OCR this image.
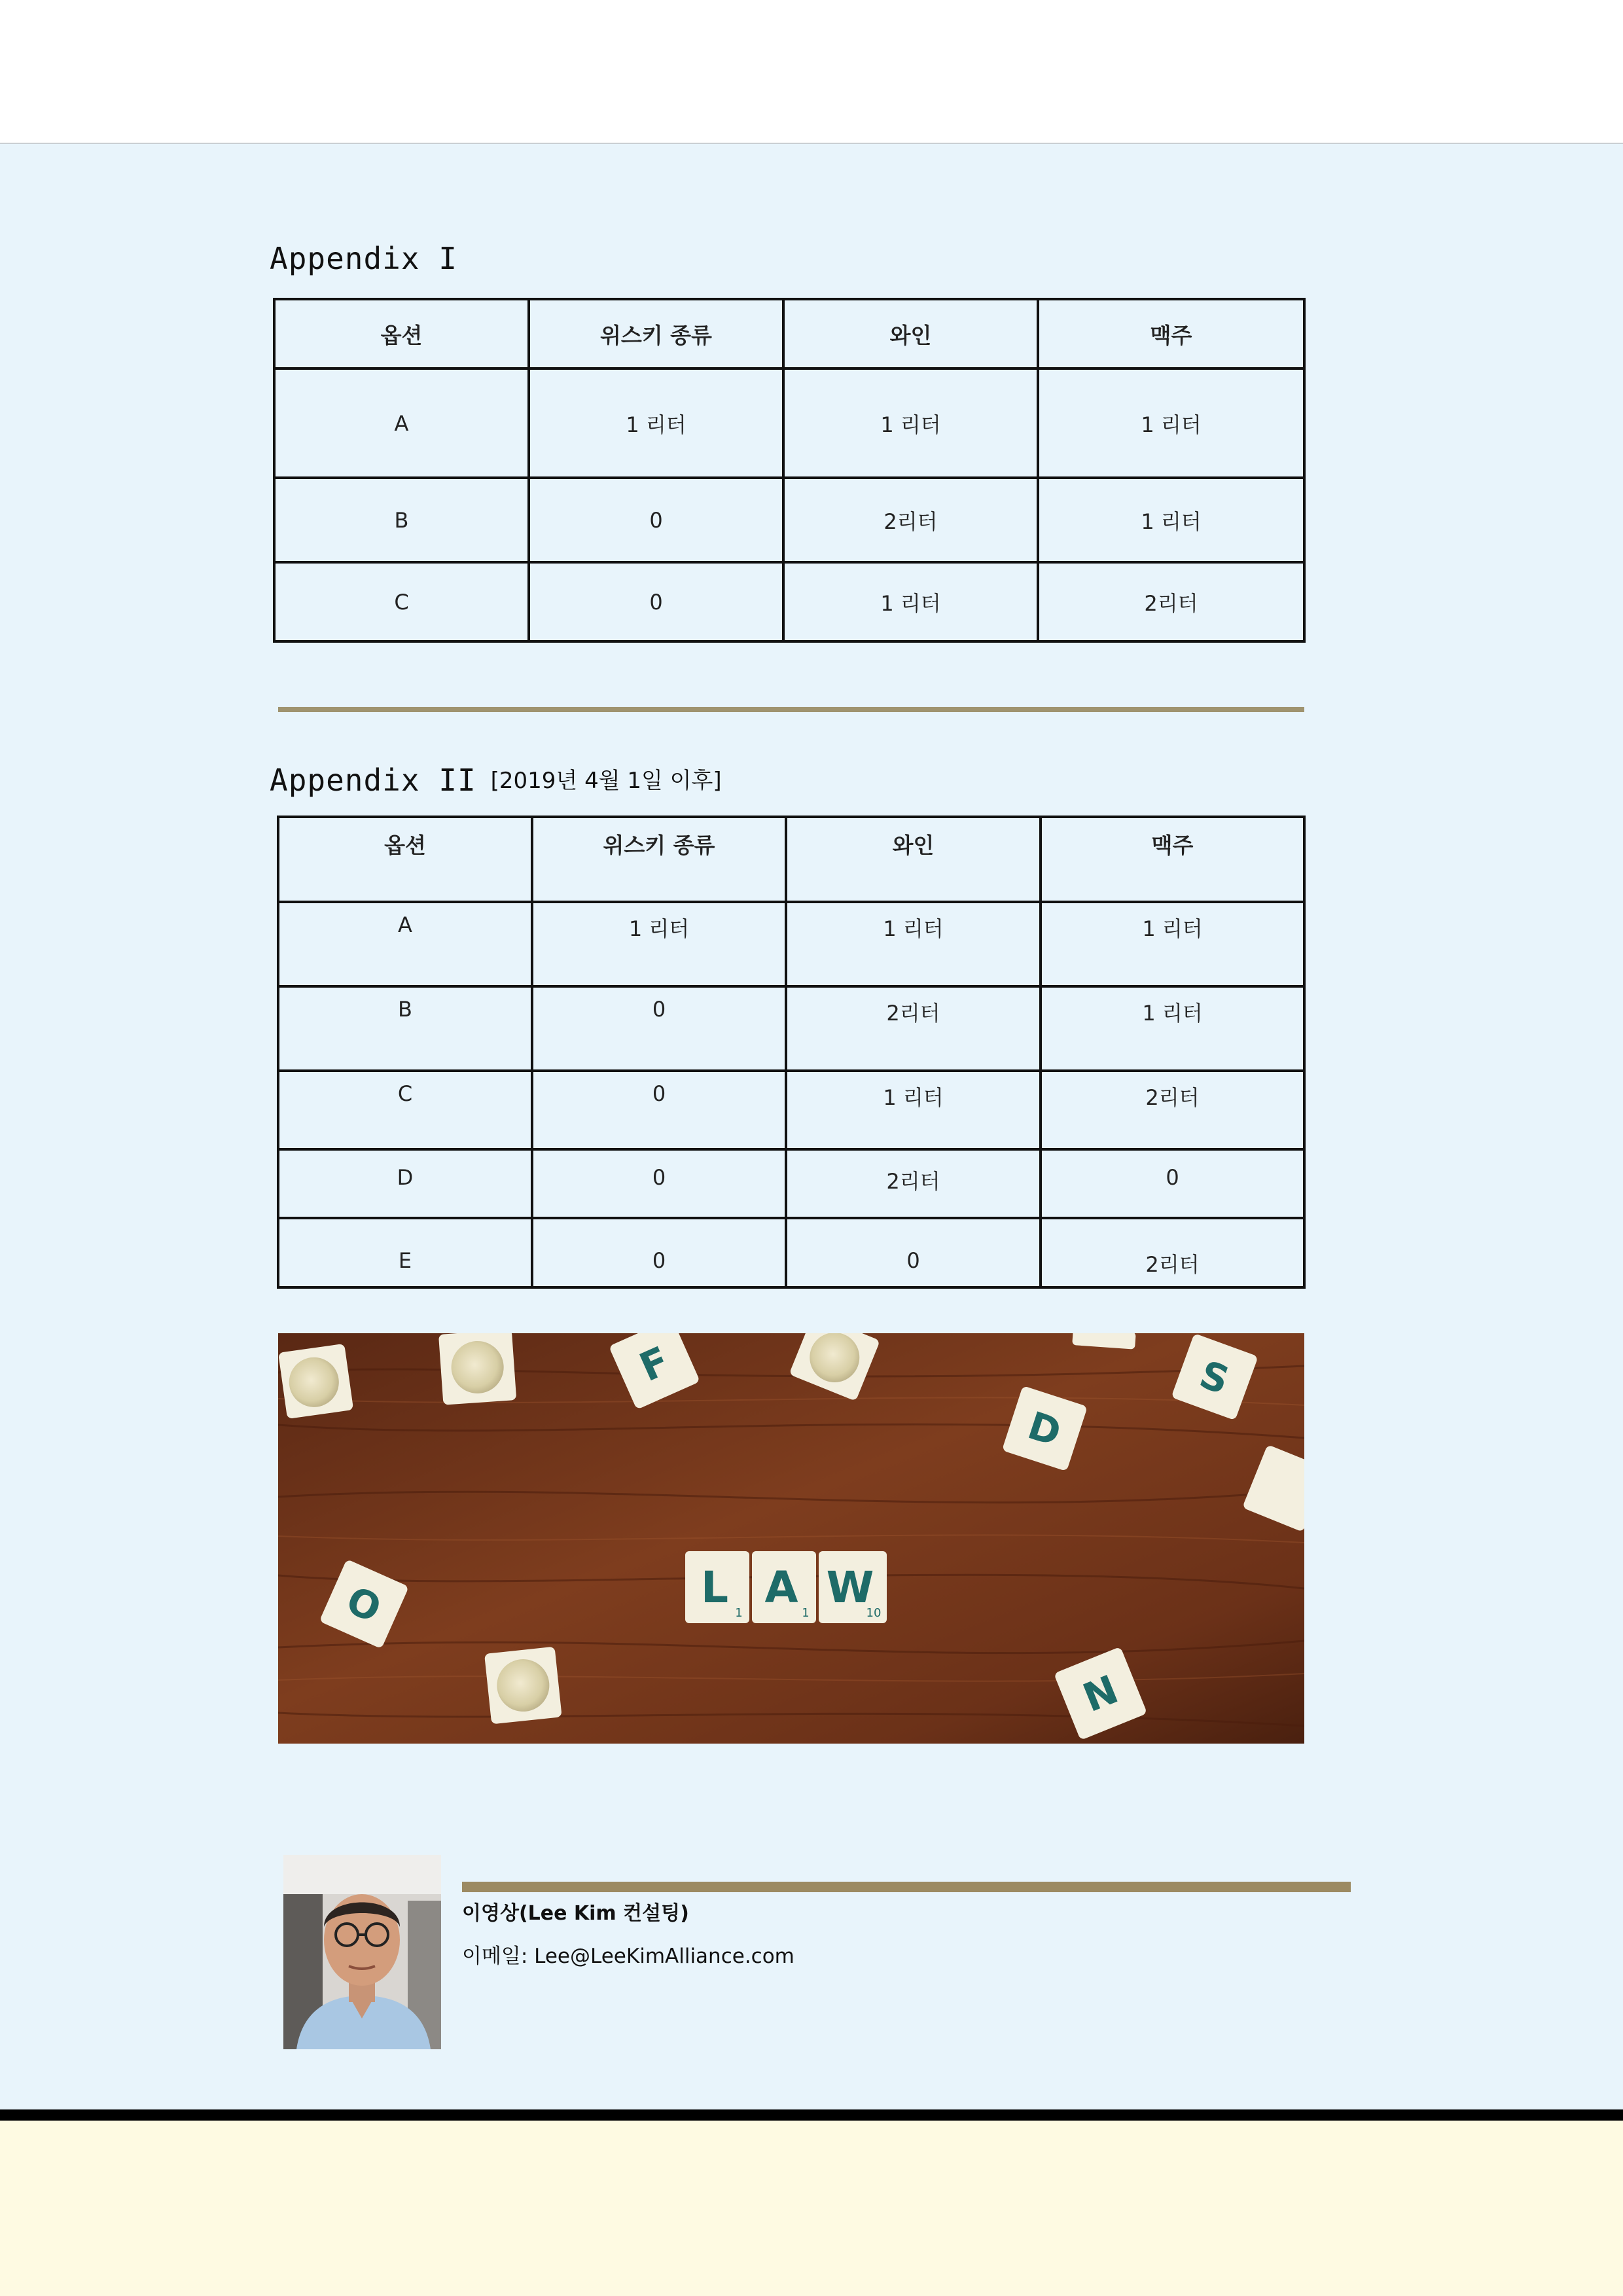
Appendix I
옵션	위스키 종류	와인	맥주
A	1 리터	1 리터	1 리터
B	0	2리터	1 리터
C	0	1 리터	2리터
Appendix II [2019년 4월 1일 이후]
옵션	위스키 종류	와인	맥주
A	1 리터	1 리터	1 리터
B	0	2리터	1 리터
C	0	1 리터	2리터
D	0	2리터	0
E	0	0	2리터
F
D
S
O
N
L
1
A
1
W
10
이영상(Lee Kim 컨설팅)
이메일: Lee@LeeKimAlliance.com
